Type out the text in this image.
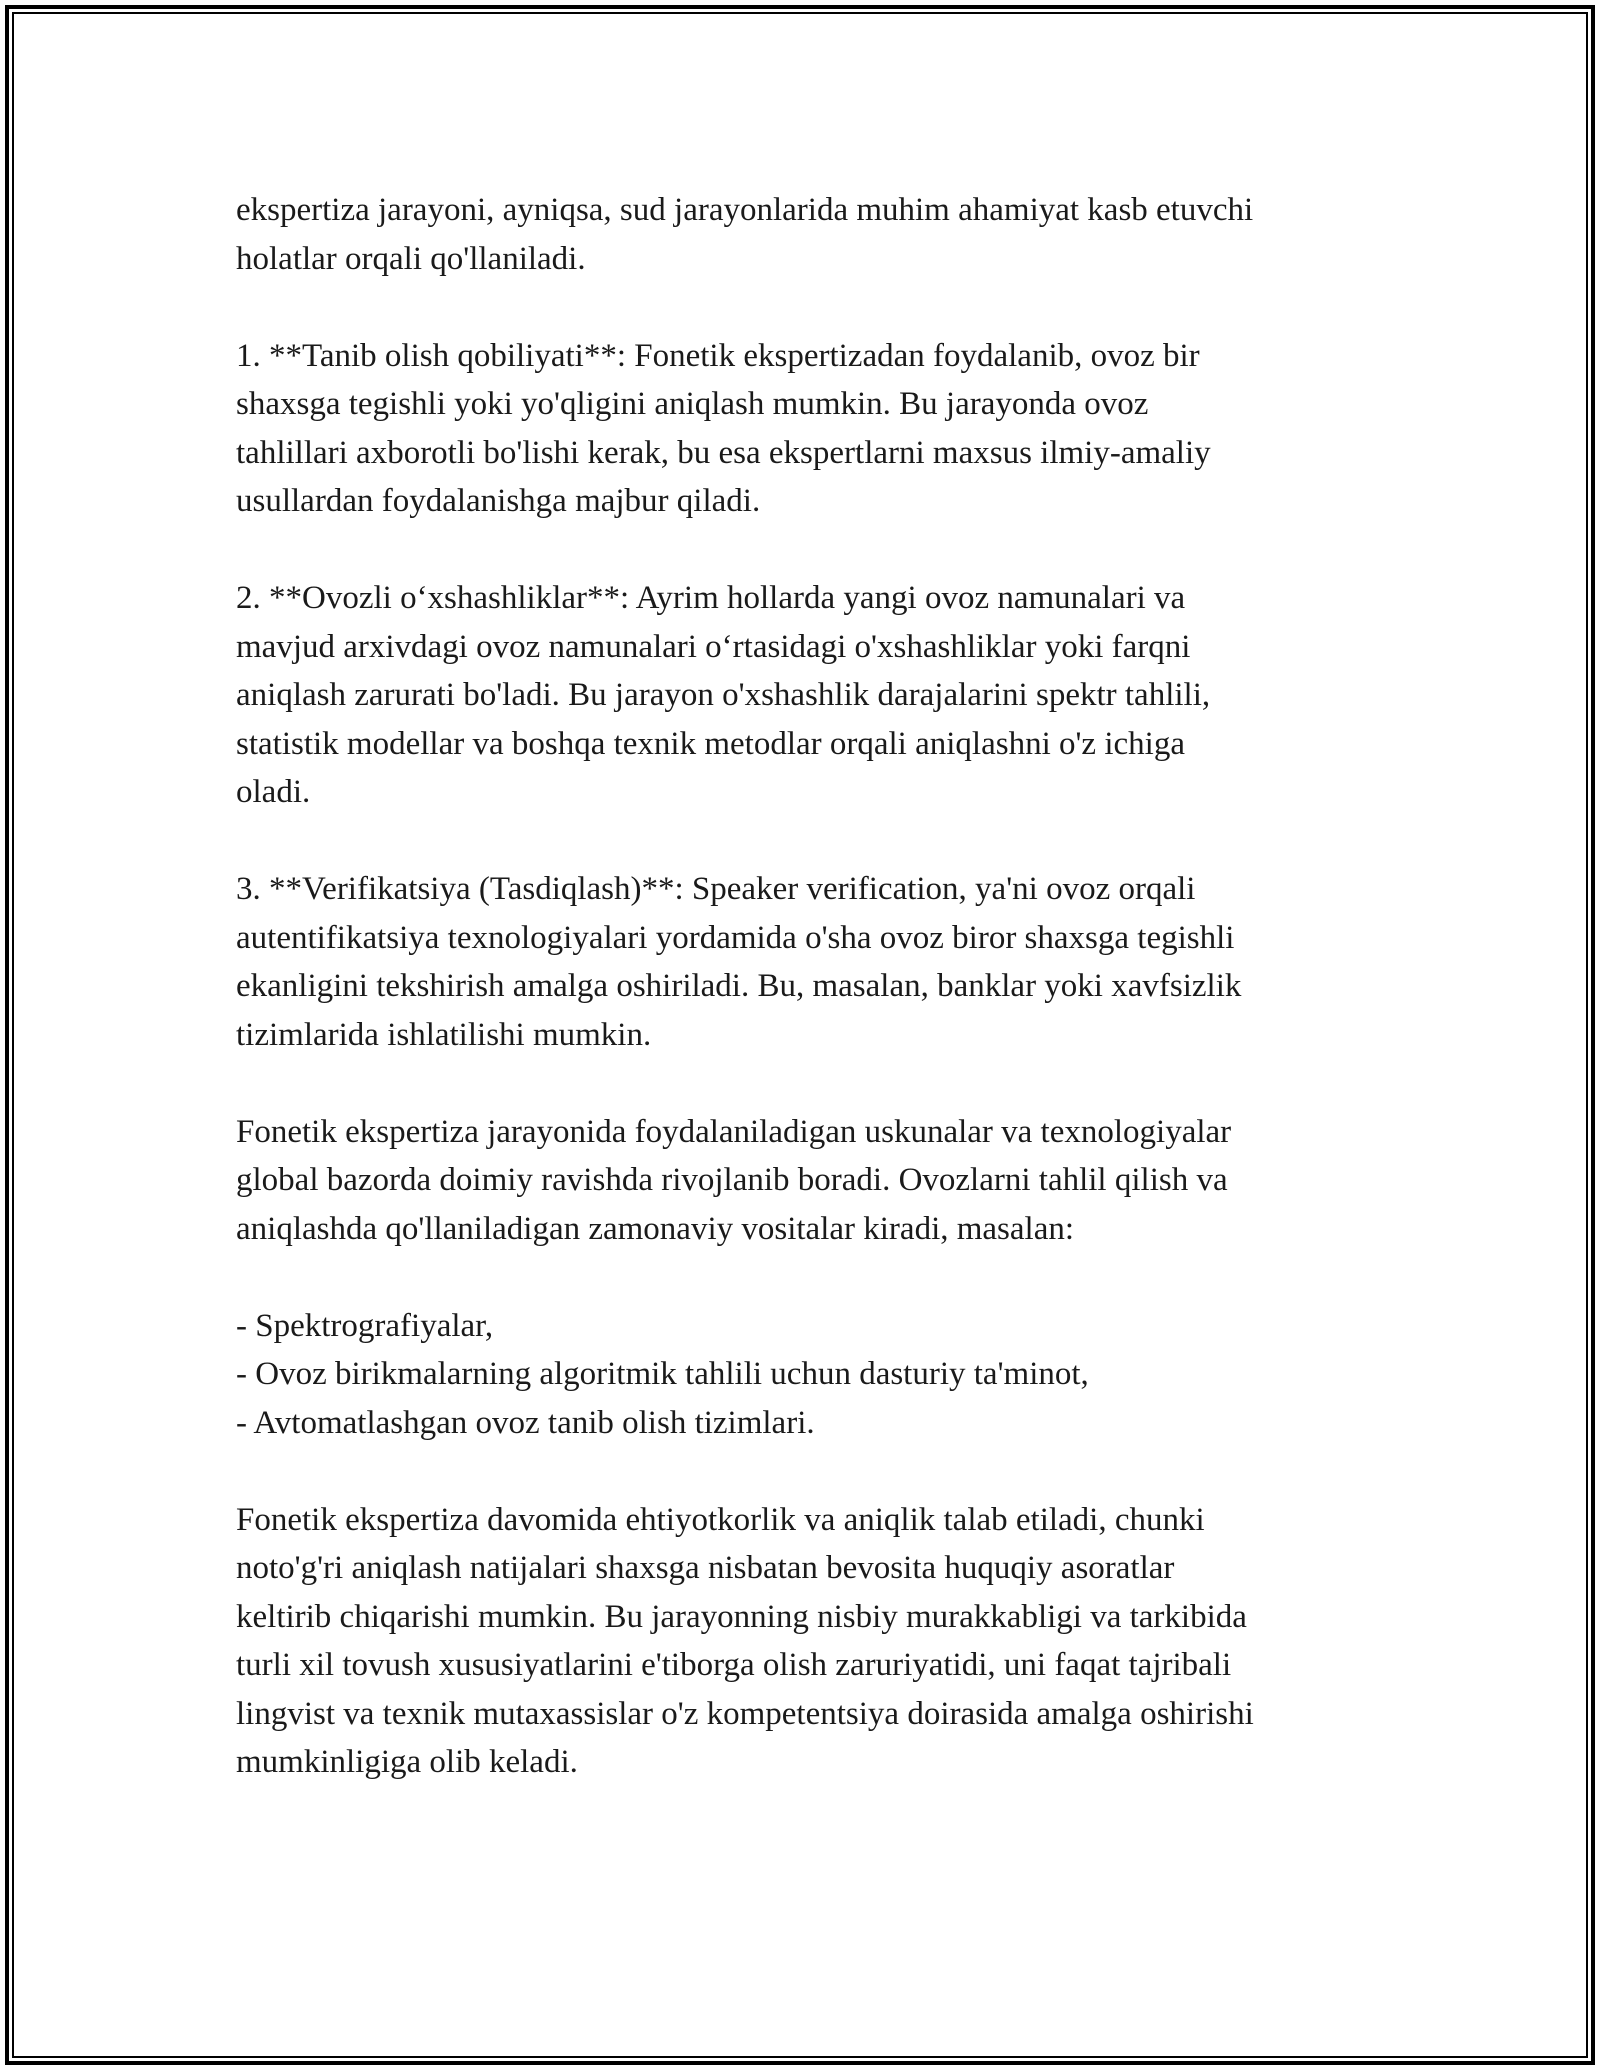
ekspertiza jarayoni, ayniqsa, sud jarayonlarida muhim ahamiyat kasb etuvchi
holatlar orqali qo'llaniladi.

1. **Tanib olish qobiliyati**: Fonetik ekspertizadan foydalanib, ovoz bir
shaxsga tegishli yoki yo'qligini aniqlash mumkin. Bu jarayonda ovoz
tahlillari axborotli bo'lishi kerak, bu esa ekspertlarni maxsus ilmiy-amaliy
usullardan foydalanishga majbur qiladi.

2. **Ovozli o‘xshashliklar**: Ayrim hollarda yangi ovoz namunalari va
mavjud arxivdagi ovoz namunalari o‘rtasidagi o'xshashliklar yoki farqni
aniqlash zarurati bo'ladi. Bu jarayon o'xshashlik darajalarini spektr tahlili,
statistik modellar va boshqa texnik metodlar orqali aniqlashni o'z ichiga
oladi.

3. **Verifikatsiya (Tasdiqlash)**: Speaker verification, ya'ni ovoz orqali
autentifikatsiya texnologiyalari yordamida o'sha ovoz biror shaxsga tegishli
ekanligini tekshirish amalga oshiriladi. Bu, masalan, banklar yoki xavfsizlik
tizimlarida ishlatilishi mumkin.

Fonetik ekspertiza jarayonida foydalaniladigan uskunalar va texnologiyalar
global bazorda doimiy ravishda rivojlanib boradi. Ovozlarni tahlil qilish va
aniqlashda qo'llaniladigan zamonaviy vositalar kiradi, masalan:

- Spektrografiyalar,
- Ovoz birikmalarning algoritmik tahlili uchun dasturiy ta'minot,
- Avtomatlashgan ovoz tanib olish tizimlari.

Fonetik ekspertiza davomida ehtiyotkorlik va aniqlik talab etiladi, chunki
noto'g'ri aniqlash natijalari shaxsga nisbatan bevosita huquqiy asoratlar
keltirib chiqarishi mumkin. Bu jarayonning nisbiy murakkabligi va tarkibida
turli xil tovush xususiyatlarini e'tiborga olish zaruriyatidi, uni faqat tajribali
lingvist va texnik mutaxassislar o'z kompetentsiya doirasida amalga oshirishi
mumkinligiga olib keladi.
